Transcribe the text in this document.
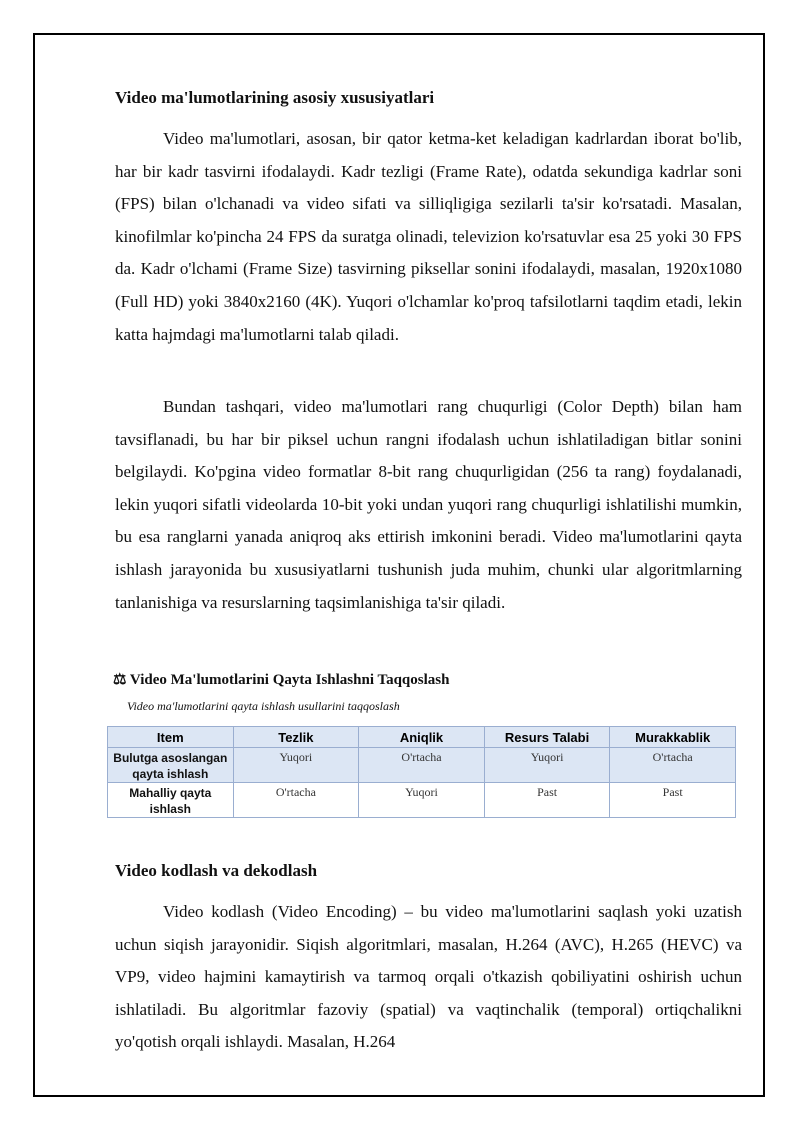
Video ma'lumotlarining asosiy xususiyatlari

Video ma'lumotlari, asosan, bir qator ketma-ket keladigan kadrlardan iborat bo'lib, har bir kadr tasvirni ifodalaydi. Kadr tezligi (Frame Rate), odatda sekundiga kadrlar soni (FPS) bilan o'lchanadi va video sifati va silliqligiga sezilarli ta'sir ko'rsatadi. Masalan, kinofilmlar ko'pincha 24 FPS da suratga olinadi, televizion ko'rsatuvlar esa 25 yoki 30 FPS da. Kadr o'lchami (Frame Size) tasvirning piksellar sonini ifodalaydi, masalan, 1920x1080 (Full HD) yoki 3840x2160 (4K). Yuqori o'lchamlar ko'proq tafsilotlarni taqdim etadi, lekin katta hajmdagi ma'lumotlarni talab qiladi.

Bundan tashqari, video ma'lumotlari rang chuqurligi (Color Depth) bilan ham tavsiflanadi, bu har bir piksel uchun rangni ifodalash uchun ishlatiladigan bitlar sonini belgilaydi. Ko'pgina video formatlar 8-bit rang chuqurligidan (256 ta rang) foydalanadi, lekin yuqori sifatli videolarda 10-bit yoki undan yuqori rang chuqurligi ishlatilishi mumkin, bu esa ranglarni yanada aniqroq aks ettirish imkonini beradi. Video ma'lumotlarini qayta ishlash jarayonida bu xususiyatlarni tushunish juda muhim, chunki ular algoritmlarning tanlanishiga va resurslarning taqsimlanishiga ta'sir qiladi.

⚖ Video Ma'lumotlarini Qayta Ishlashni Taqqoslash
Video ma'lumotlarini qayta ishlash usullarini taqqoslash
Video kodlash va dekodlash

Video kodlash (Video Encoding) – bu video ma'lumotlarini saqlash yoki uzatish uchun siqish jarayonidir. Siqish algoritmlari, masalan, H.264 (AVC), H.265 (HEVC) va VP9, video hajmini kamaytirish va tarmoq orqali o'tkazish qobiliyatini oshirish uchun ishlatiladi. Bu algoritmlar fazoviy (spatial) va vaqtinchalik (temporal) ortiqchalikni yo'qotish orqali ishlaydi. Masalan, H.264

Item	Tezlik	Aniqlik	Resurs Talabi	Murakkablik
Bulutga asoslangan qayta ishlash	Yuqori	O'rtacha	Yuqori	O'rtacha
Mahalliy qayta ishlash	O'rtacha	Yuqori	Past	Past
